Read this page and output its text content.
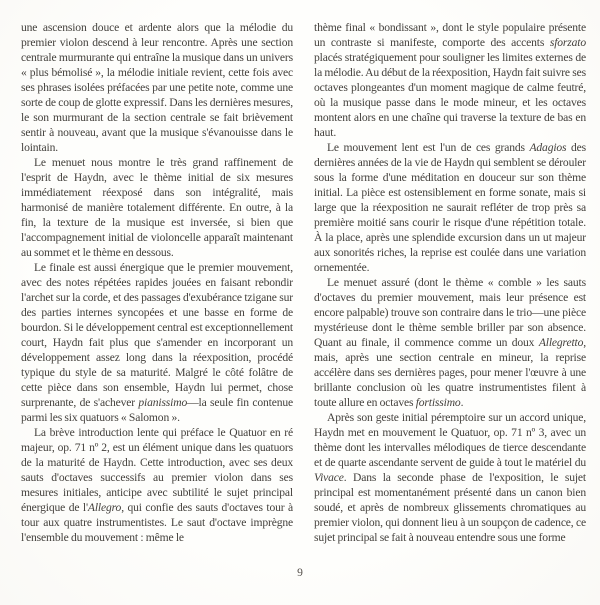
une ascension douce et ardente alors que la mélodie du premier violon descend à leur rencontre. Après une section centrale murmurante qui entraîne la musique dans un univers « plus bémolisé », la mélodie initiale revient, cette fois avec ses phrases isolées préfacées par une petite note, comme une sorte de coup de glotte expressif. Dans les dernières mesures, le son murmurant de la section centrale se fait brièvement sentir à nouveau, avant que la musique s'évanouisse dans le lointain.

Le menuet nous montre le très grand raffinement de l'esprit de Haydn, avec le thème initial de six mesures immédiatement réexposé dans son intégralité, mais harmonisé de manière totalement différente. En outre, à la fin, la texture de la musique est inversée, si bien que l'accompagnement initial de violoncelle apparaît maintenant au sommet et le thème en dessous.

Le finale est aussi énergique que le premier mouvement, avec des notes répétées rapides jouées en faisant rebondir l'archet sur la corde, et des passages d'exubérance tzigane sur des parties internes syncopées et une basse en forme de bourdon. Si le développement central est exceptionnellement court, Haydn fait plus que s'amender en incorporant un développement assez long dans la réexposition, procédé typique du style de sa maturité. Malgré le côté folâtre de cette pièce dans son ensemble, Haydn lui permet, chose surprenante, de s'achever pianissimo—la seule fin contenue parmi les six quatuors « Salomon ».

La brève introduction lente qui préface le Quatuor en ré majeur, op. 71 nº 2, est un élément unique dans les quatuors de la maturité de Haydn. Cette introduction, avec ses deux sauts d'octaves successifs au premier violon dans ses mesures initiales, anticipe avec subtilité le sujet principal énergique de l'Allegro, qui confie des sauts d'octaves tour à tour aux quatre instrumentistes. Le saut d'octave imprègne l'ensemble du mouvement : même le

thème final « bondissant », dont le style populaire présente un contraste si manifeste, comporte des accents sforzato placés stratégiquement pour souligner les limites externes de la mélodie. Au début de la réexposition, Haydn fait suivre ses octaves plongeantes d'un moment magique de calme feutré, où la musique passe dans le mode mineur, et les octaves montent alors en une chaîne qui traverse la texture de bas en haut.

Le mouvement lent est l'un de ces grands Adagios des dernières années de la vie de Haydn qui semblent se dérouler sous la forme d'une méditation en douceur sur son thème initial. La pièce est ostensiblement en forme sonate, mais si large que la réexposition ne saurait refléter de trop près sa première moitié sans courir le risque d'une répétition totale. À la place, après une splendide excursion dans un ut majeur aux sonorités riches, la reprise est coulée dans une variation ornementée.

Le menuet assuré (dont le thème « comble » les sauts d'octaves du premier mouvement, mais leur présence est encore palpable) trouve son contraire dans le trio—une pièce mystérieuse dont le thème semble briller par son absence. Quant au finale, il commence comme un doux Allegretto, mais, après une section centrale en mineur, la reprise accélère dans ses dernières pages, pour mener l'œuvre à une brillante conclusion où les quatre instrumentistes filent à toute allure en octaves fortissimo.

Après son geste initial péremptoire sur un accord unique, Haydn met en mouvement le Quatuor, op. 71 nº 3, avec un thème dont les intervalles mélodiques de tierce descendante et de quarte ascendante servent de guide à tout le matériel du Vivace. Dans la seconde phase de l'exposition, le sujet principal est momentanément présenté dans un canon bien soudé, et après de nombreux glissements chromatiques au premier violon, qui donnent lieu à un soupçon de cadence, ce sujet principal se fait à nouveau entendre sous une forme

9
